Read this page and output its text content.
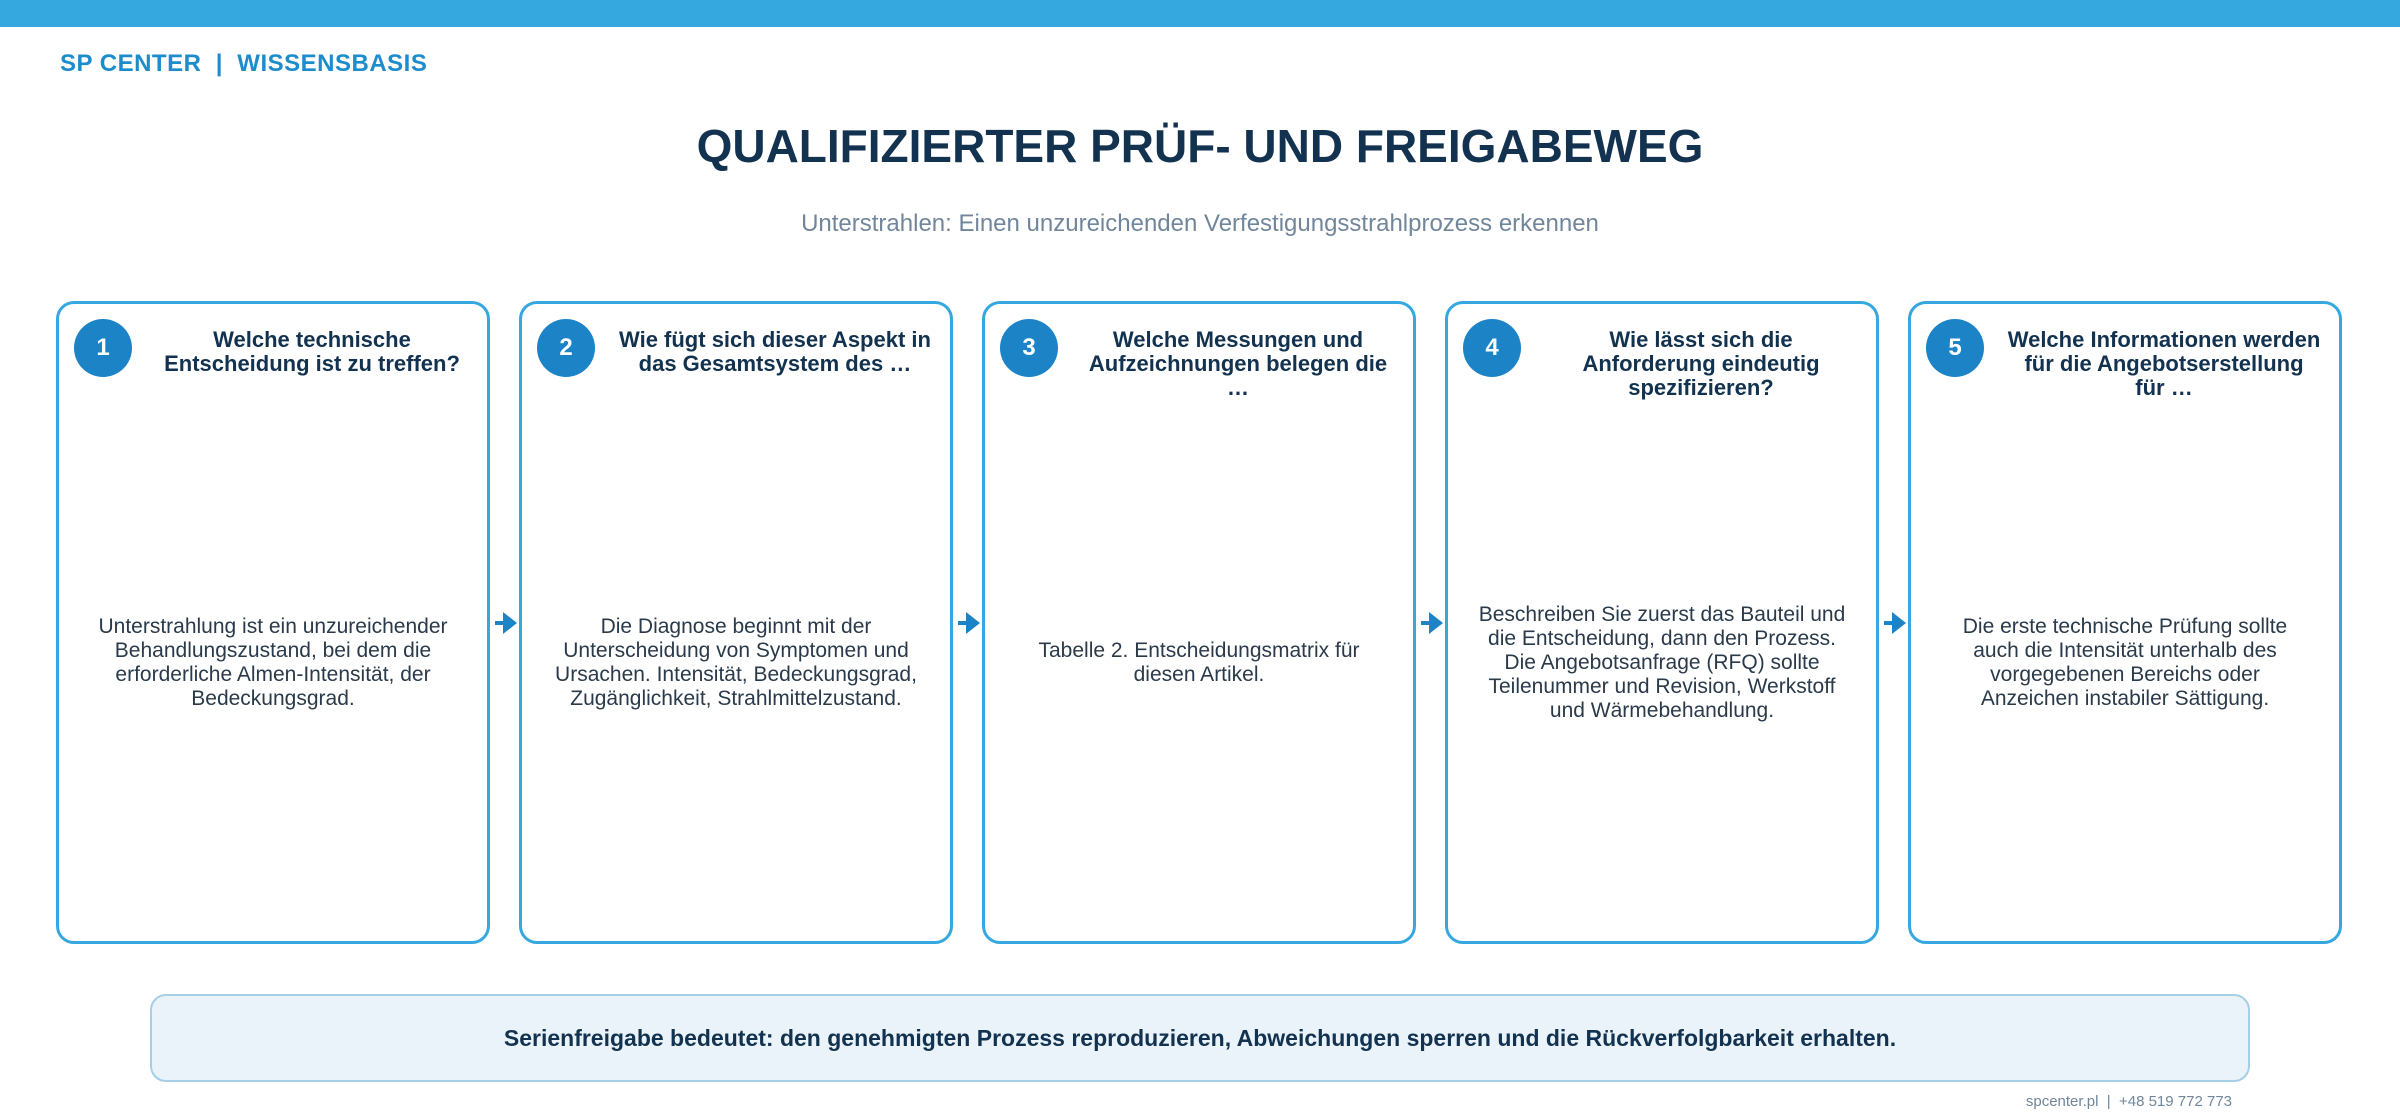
SP CENTER  |  WISSENSBASIS
QUALIFIZIERTER PRÜF- UND FREIGABEWEG
Unterstrahlen: Einen unzureichenden Verfestigungsstrahlprozess erkennen
1	Welche technische Entscheidung ist zu treffen?
Unterstrahlung ist ein unzureichender Behandlungszustand, bei dem die erforderliche Almen-Intensität, der Bedeckungsgrad.
2	Wie fügt sich dieser Aspekt in das Gesamtsystem des …
Die Diagnose beginnt mit der Unterscheidung von Symptomen und Ursachen. Intensität, Bedeckungsgrad, Zugänglichkeit, Strahlmittelzustand.
3	Welche Messungen und Aufzeichnungen belegen die …
Tabelle 2. Entscheidungsmatrix für diesen Artikel.
4	Wie lässt sich die Anforderung eindeutig spezifizieren?
Beschreiben Sie zuerst das Bauteil und die Entscheidung, dann den Prozess. Die Angebotsanfrage (RFQ) sollte Teilenummer und Revision, Werkstoff und Wärmebehandlung.
5	Welche Informationen werden für die Angebotserstellung für …
Die erste technische Prüfung sollte auch die Intensität unterhalb des vorgegebenen Bereichs oder Anzeichen instabiler Sättigung.
Serienfreigabe bedeutet: den genehmigten Prozess reproduzieren, Abweichungen sperren und die Rückverfolgbarkeit erhalten.
spcenter.pl  |  +48 519 772 773
